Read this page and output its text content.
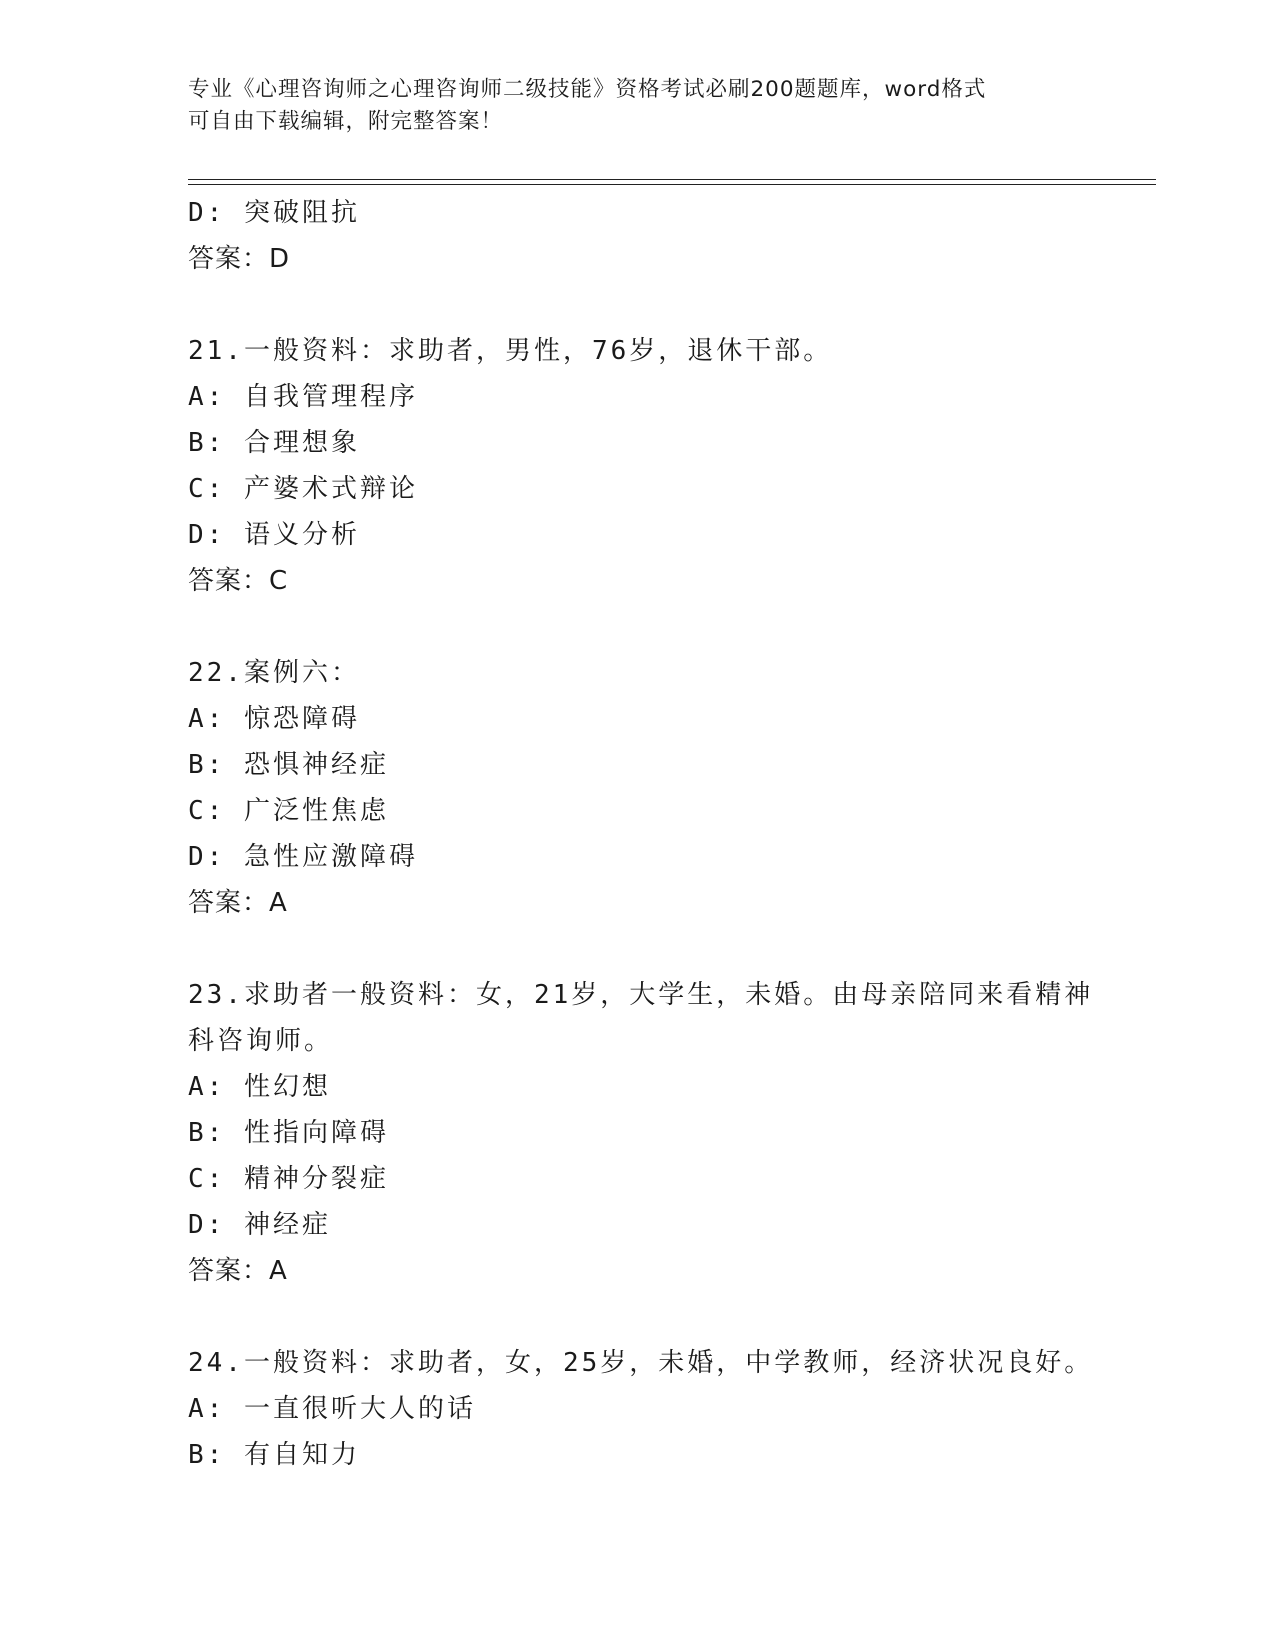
专业《心理咨询师之心理咨询师二级技能》资格考试必刷200题题库，word格式
可自由下载编辑，附完整答案！
D: 突破阻抗
答案：D
21.一般资料：求助者，男性，76岁，退休干部。
A: 自我管理程序
B: 合理想象
C: 产婆术式辩论
D: 语义分析
答案：C
22.案例六：
A: 惊恐障碍
B: 恐惧神经症
C: 广泛性焦虑
D: 急性应激障碍
答案：A
23.求助者一般资料：女，21岁，大学生，未婚。由母亲陪同来看精神
科咨询师。
A: 性幻想
B: 性指向障碍
C: 精神分裂症
D: 神经症
答案：A
24.一般资料：求助者，女，25岁，未婚，中学教师，经济状况良好。
A: 一直很听大人的话
B: 有自知力
